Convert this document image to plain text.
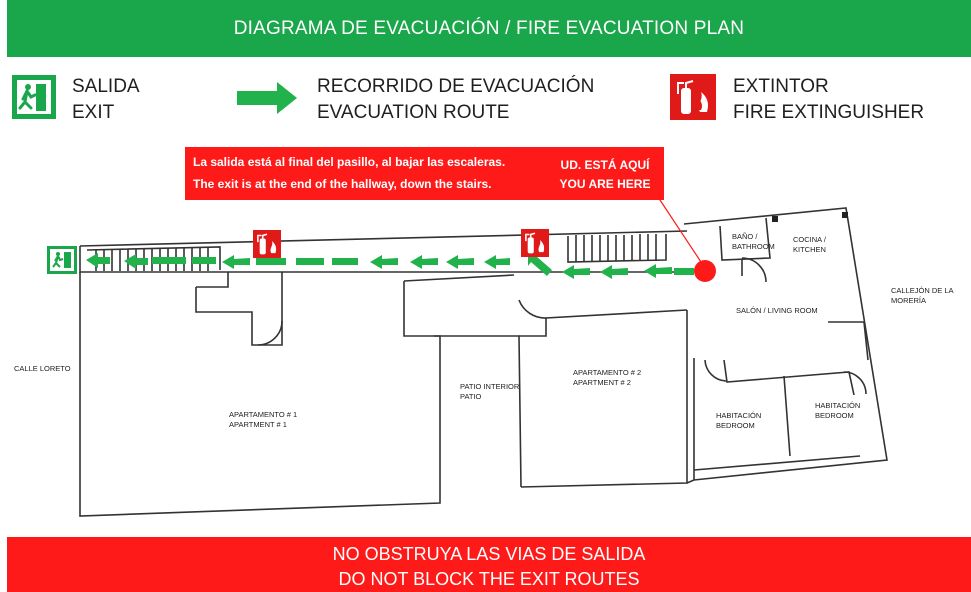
DIAGRAMA DE EVACUACIÓN / FIRE EVACUATION PLAN
SALIDA
EXIT
RECORRIDO DE EVACUACIÓN
EVACUATION ROUTE
EXTINTOR
FIRE EXTINGUISHER
La salida está al final del pasillo, al bajar las escaleras.
The exit is at the end of the hallway, down the stairs.
UD. ESTÁ AQUÍ
YOU ARE HERE
APARTAMENTO # 1
APARTMENT # 1
PATIO INTERIOR
PATIO
APARTAMENTO # 2
APARTMENT # 2
BAÑO /
BATHROOM
COCINA /
KITCHEN
SALÓN / LIVING ROOM
HABITACIÓN
BEDROOM
HABITACIÓN
BEDROOM
CALLE LORETO
CALLEJÓN DE LA
MORERÍA
NO OBSTRUYA LAS VIAS DE SALIDA
DO NOT BLOCK THE EXIT ROUTES
